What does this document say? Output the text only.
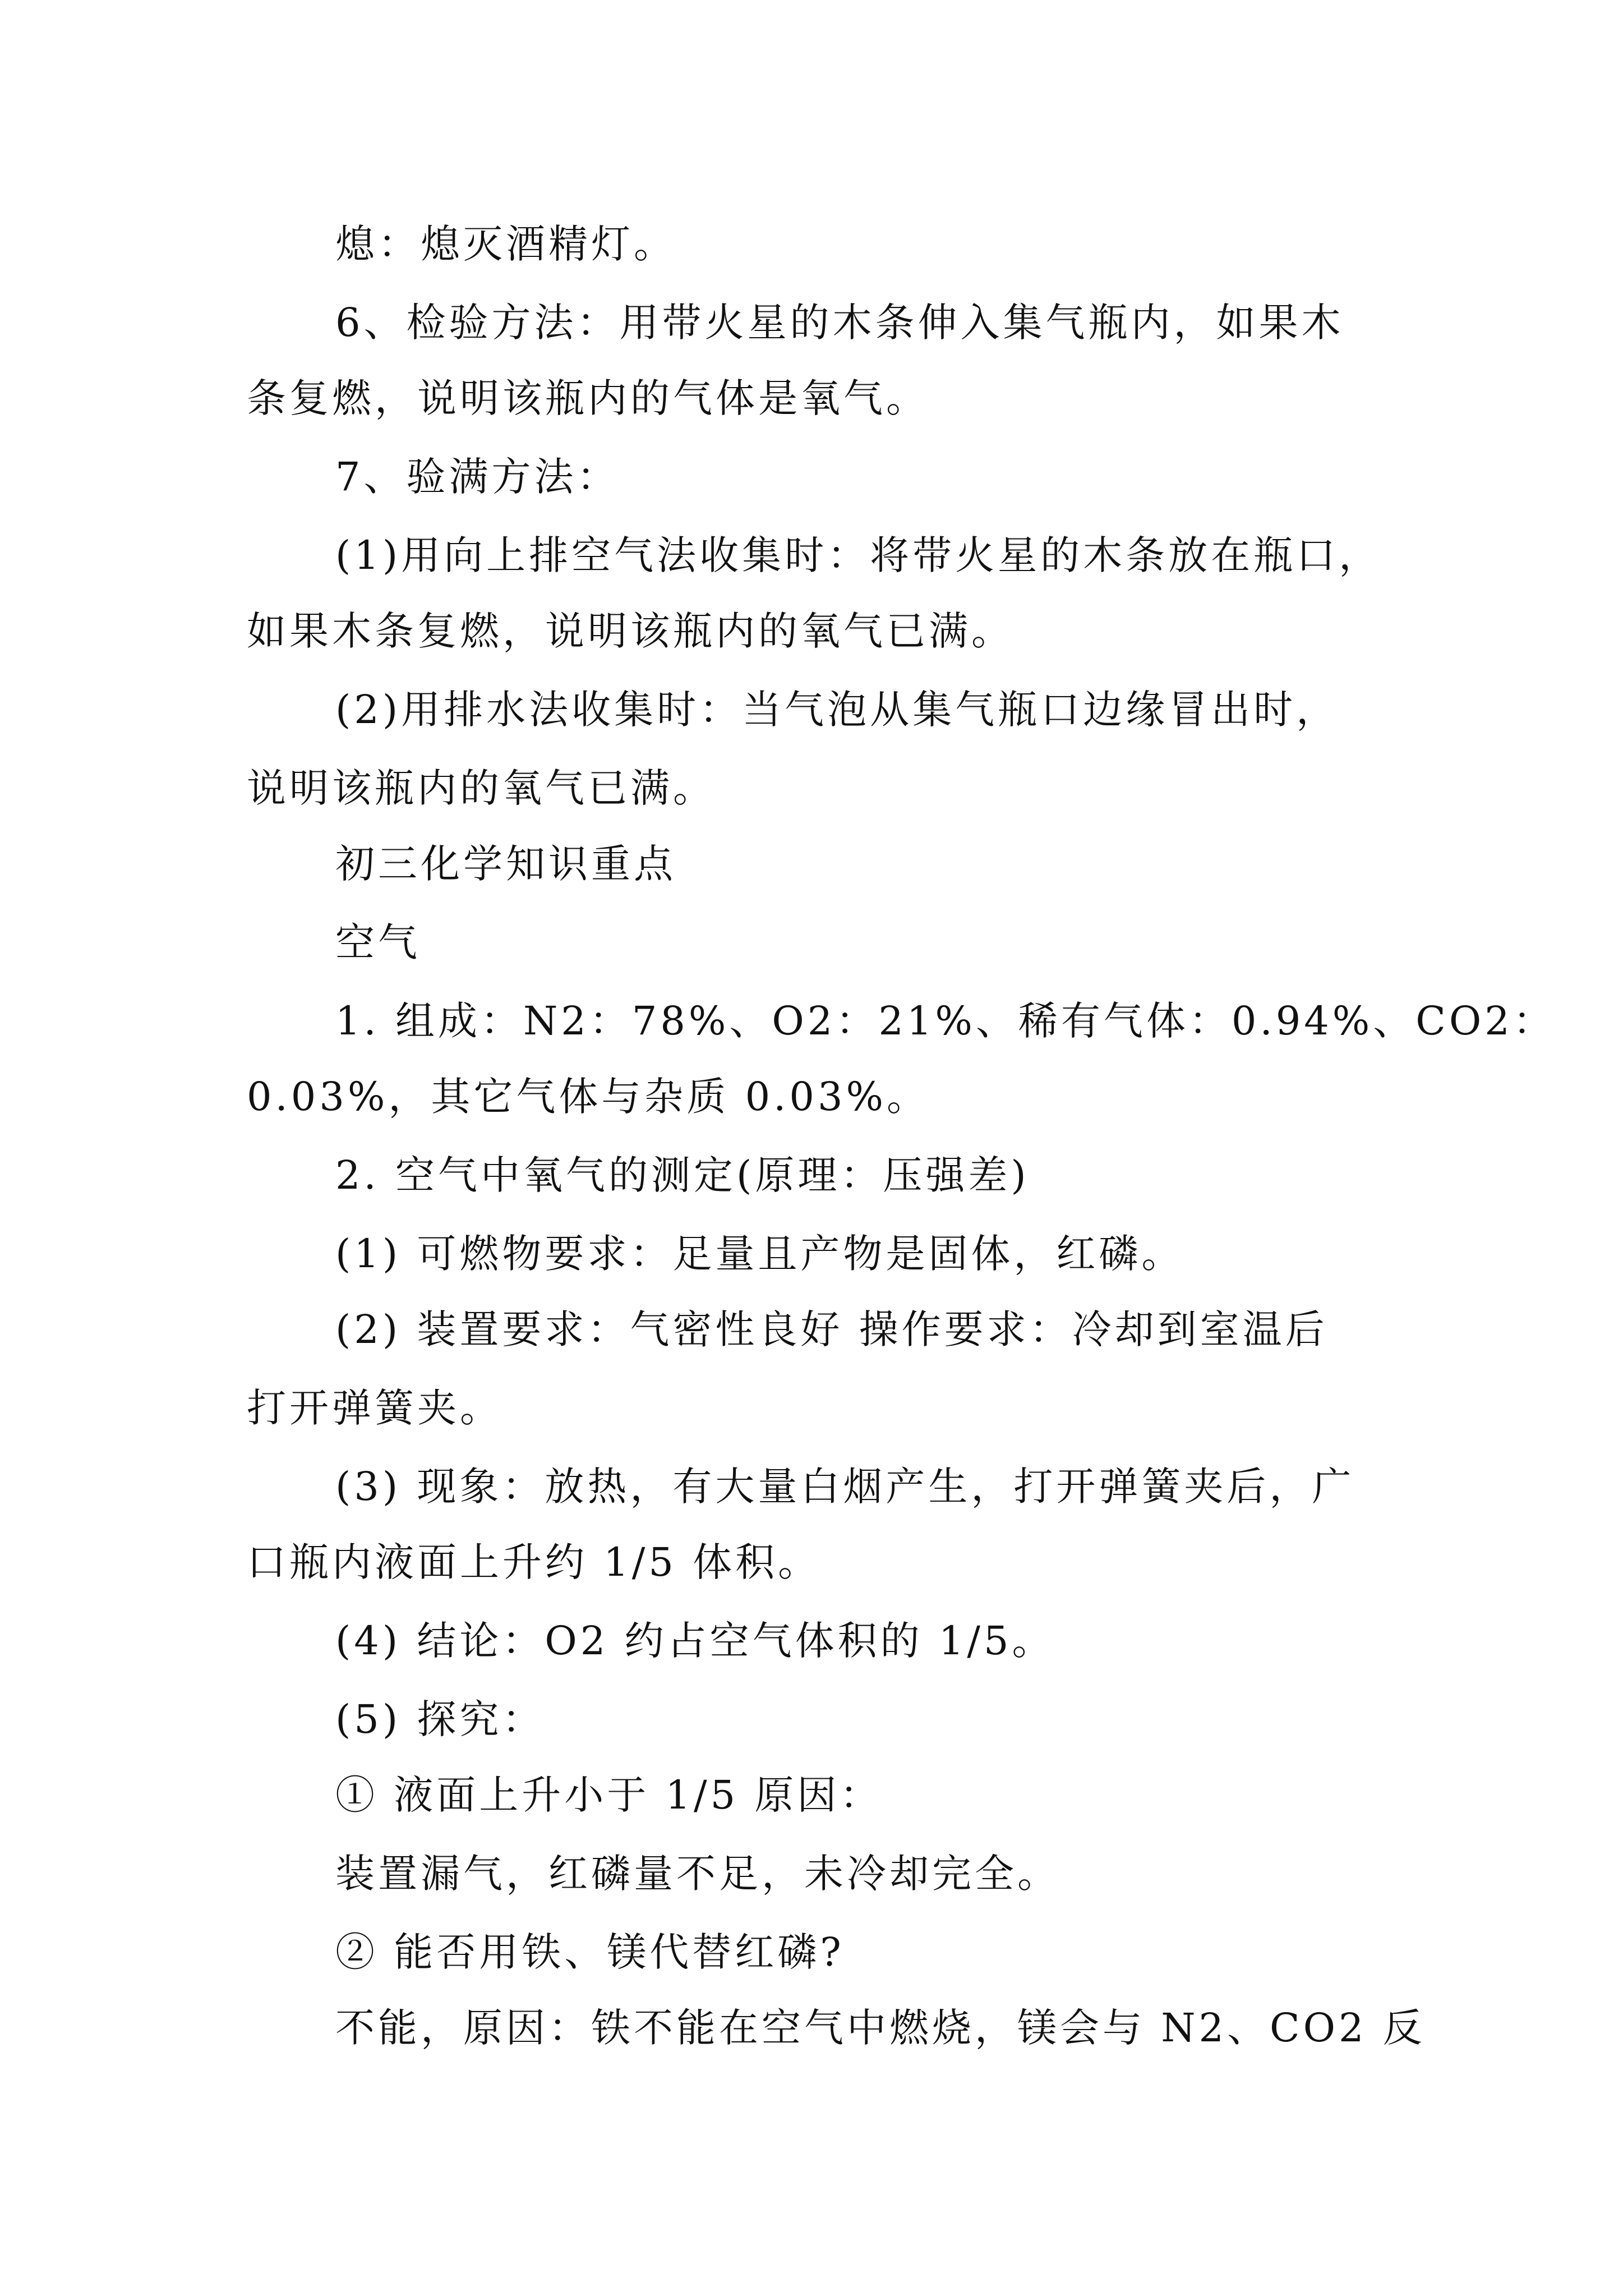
熄：熄灭酒精灯。

6、检验方法：用带火星的木条伸入集气瓶内，如果木

条复燃，说明该瓶内的气体是氧气。

7、验满方法：

(1)用向上排空气法收集时：将带火星的木条放在瓶口，

如果木条复燃，说明该瓶内的氧气已满。

(2)用排水法收集时：当气泡从集气瓶口边缘冒出时，

说明该瓶内的氧气已满。

初三化学知识重点

空气

1. 组成：N2：78%、O2：21%、稀有气体：0.94%、CO2：

0.03%，其它气体与杂质 0.03%。

2. 空气中氧气的测定(原理：压强差)

(1) 可燃物要求：足量且产物是固体，红磷。

(2) 装置要求：气密性良好 操作要求：冷却到室温后

打开弹簧夹。

(3) 现象：放热，有大量白烟产生，打开弹簧夹后，广

口瓶内液面上升约 1/5 体积。

(4) 结论：O2 约占空气体积的 1/5。

(5) 探究：

① 液面上升小于 1/5 原因：

装置漏气，红磷量不足，未冷却完全。

② 能否用铁、镁代替红磷?

不能，原因：铁不能在空气中燃烧，镁会与 N2、CO2 反
